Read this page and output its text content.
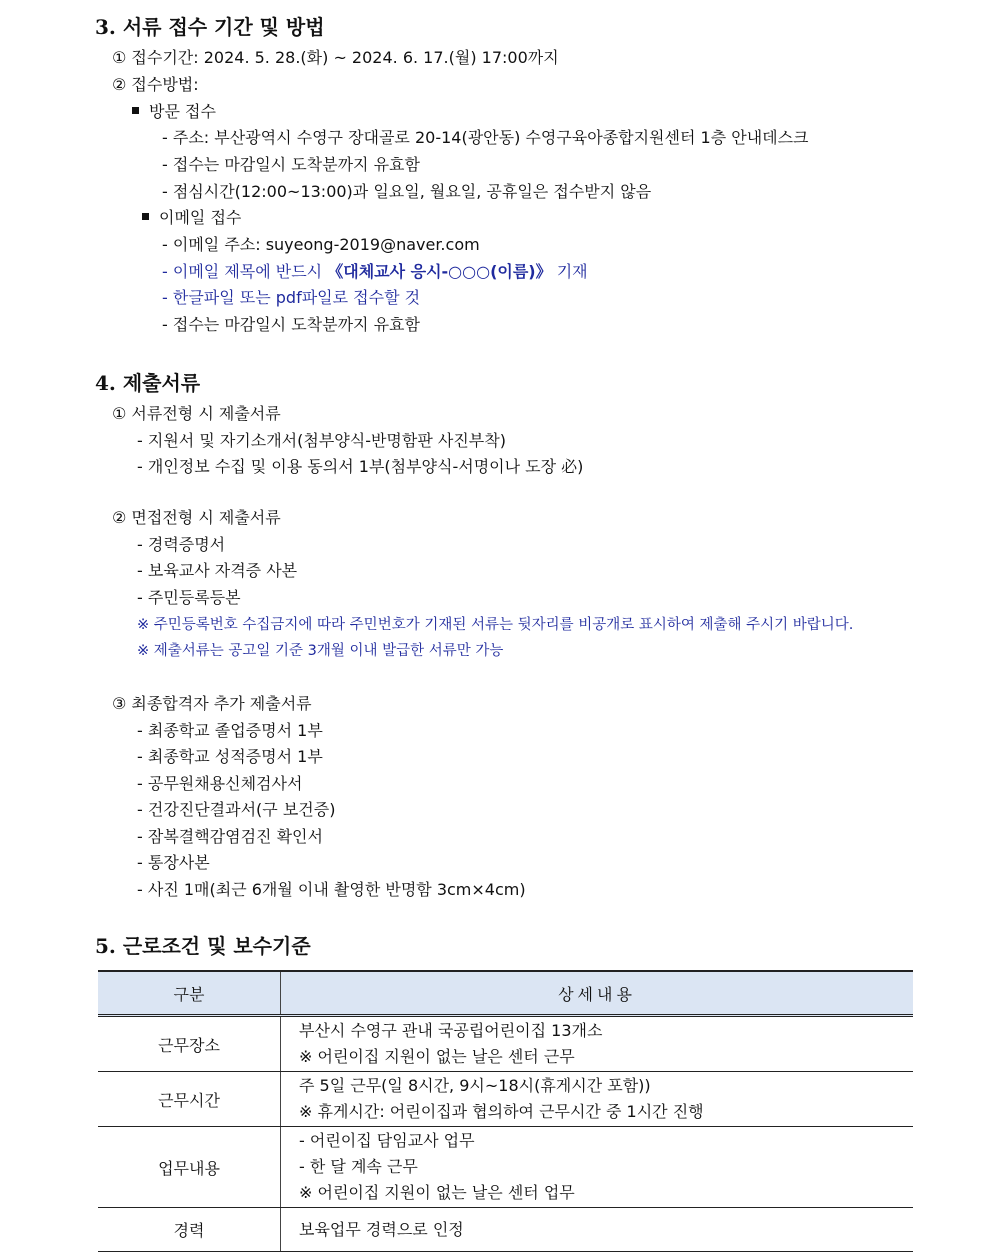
3. 서류 접수 기간 및 방법
① 접수기간: 2024. 5. 28.(화) ~ 2024. 6. 17.(월) 17:00까지
② 접수방법:
방문 접수
- 주소: 부산광역시 수영구 장대골로 20-14(광안동) 수영구육아종합지원센터 1층 안내데스크
- 접수는 마감일시 도착분까지 유효함
- 점심시간(12:00~13:00)과 일요일, 월요일, 공휴일은 접수받지 않음
이메일 접수
- 이메일 주소: suyeong-2019@naver.com
- 이메일 제목에 반드시 《대체교사 응시-○○○(이름)》 기재
- 한글파일 또는 pdf파일로 접수할 것
- 접수는 마감일시 도착분까지 유효함
4. 제출서류
① 서류전형 시 제출서류
- 지원서 및 자기소개서(첨부양식-반명함판 사진부착)
- 개인정보 수집 및 이용 동의서 1부(첨부양식-서명이나 도장 必)
② 면접전형 시 제출서류
- 경력증명서
- 보육교사 자격증 사본
- 주민등록등본
※ 주민등록번호 수집금지에 따라 주민번호가 기재된 서류는 뒷자리를 비공개로 표시하여 제출해 주시기 바랍니다.
※ 제출서류는 공고일 기준 3개월 이내 발급한 서류만 가능
③ 최종합격자 추가 제출서류
- 최종학교 졸업증명서 1부
- 최종학교 성적증명서 1부
- 공무원채용신체검사서
- 건강진단결과서(구 보건증)
- 잠복결핵감염검진 확인서
- 통장사본
- 사진 1매(최근 6개월 이내 촬영한 반명함 3cm×4cm)
5. 근로조건 및 보수기준
구분	상세내용
근무장소	부산시 수영구 관내 국공립어린이집 13개소
※ 어린이집 지원이 없는 날은 센터 근무

근무시간	주 5일 근무(일 8시간, 9시~18시(휴게시간 포함))
※ 휴게시간: 어린이집과 협의하여 근무시간 중 1시간 진행

업무내용	- 어린이집 담임교사 업무
- 한 달 계속 근무
※ 어린이집 지원이 없는 날은 센터 업무

경력	보육업무 경력으로 인정
